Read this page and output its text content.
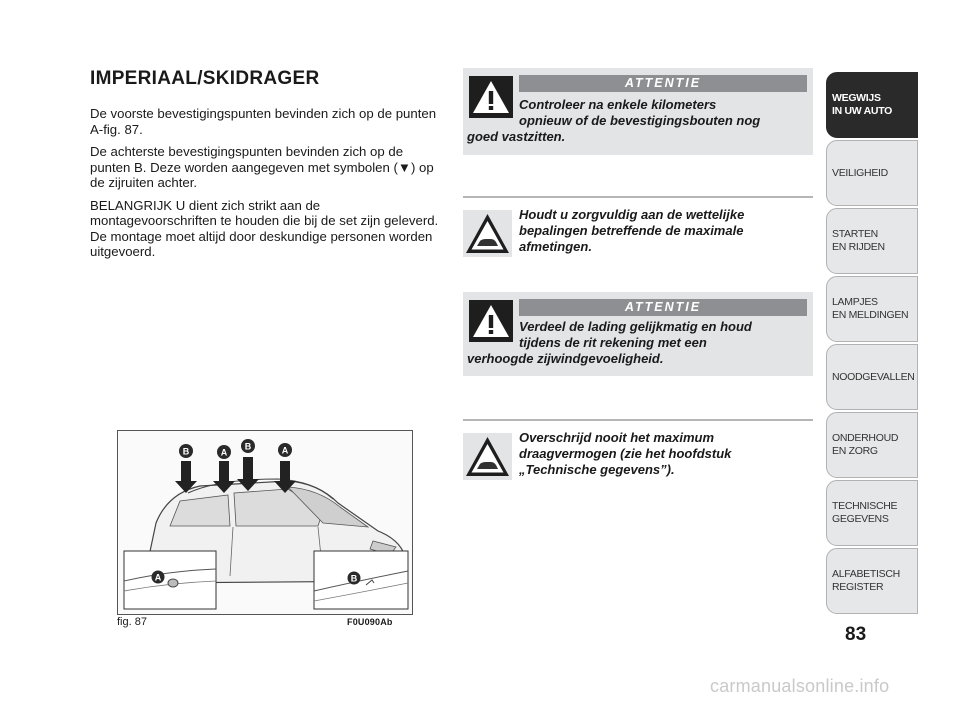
IMPERIAAL/SKIDRAGER

De voorste bevestigingspunten bevinden zich op de punten A-fig. 87.

De achterste bevestigingspunten bevinden zich op de punten B. Deze worden aangegeven met symbolen (▼) op de zijruiten achter.

BELANGRIJK U dient zich strikt aan de montagevoorschriften te houden die bij de set zijn geleverd. De montage moet altijd door deskundige personen worden uitgevoerd.

B	A
B	A
A	B
fig. 87	F0U090Ab
ATTENTIE
Controleer na enkele kilometers
opnieuw of de bevestigingsbouten nog
goed vastzitten.
Houdt u zorgvuldig aan de wettelijke
bepalingen betreffende de maximale
afmetingen.
ATTENTIE
Verdeel de lading gelijkmatig en houd
tijdens de rit rekening met een
verhoogde zijwindgevoeligheid.
Overschrijd nooit het maximum
draagvermogen (zie het hoofdstuk
„Technische gegevens”).
WEGWIJS
IN UW AUTO
VEILIGHEID
STARTEN
EN RIJDEN
LAMPJES
EN MELDINGEN
NOODGEVALLEN
ONDERHOUD
EN ZORG
TECHNISCHE
GEGEVENS
ALFABETISCH
REGISTER
83
carmanualsonline.info
